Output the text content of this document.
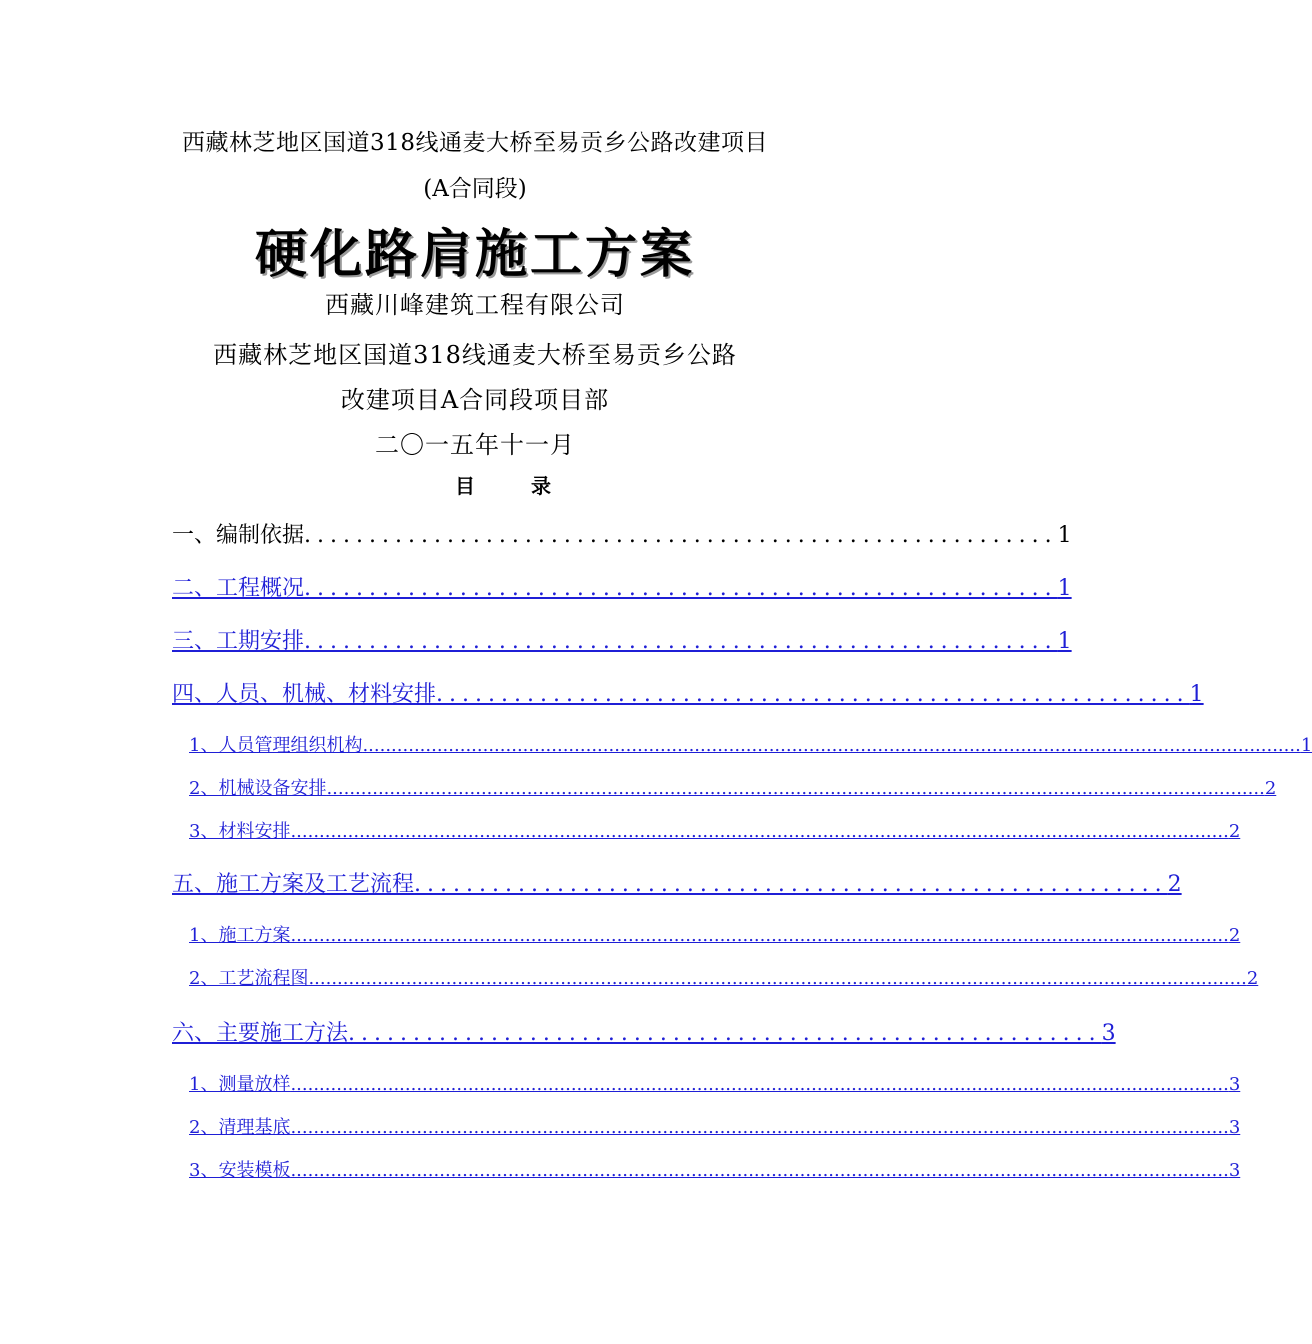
西藏林芝地区国道318线通麦大桥至易贡乡公路改建项目
(A合同段)
硬化路肩施工方案
西藏川峰建筑工程有限公司
西藏林芝地区国道318线通麦大桥至易贡乡公路
改建项目A合同段项目部
二〇一五年十一月
目录
一、编制依据 .......................................................... 1
二、工程概况 .......................................................... 1
三、工期安排 .......................................................... 1
四、人员、机械、材料安排 .......................................................... 1
1、人员管理组织机构 .................................................................................................................................................................... 1
2、机械设备安排 .................................................................................................................................................................... 2
3、材料安排 .................................................................................................................................................................... 2
五、施工方案及工艺流程 .......................................................... 2
1、施工方案 .................................................................................................................................................................... 2
2、工艺流程图 .................................................................................................................................................................... 2
六、主要施工方法 .......................................................... 3
1、测量放样 .................................................................................................................................................................... 3
2、清理基底 .................................................................................................................................................................... 3
3、安装模板 .................................................................................................................................................................... 3
